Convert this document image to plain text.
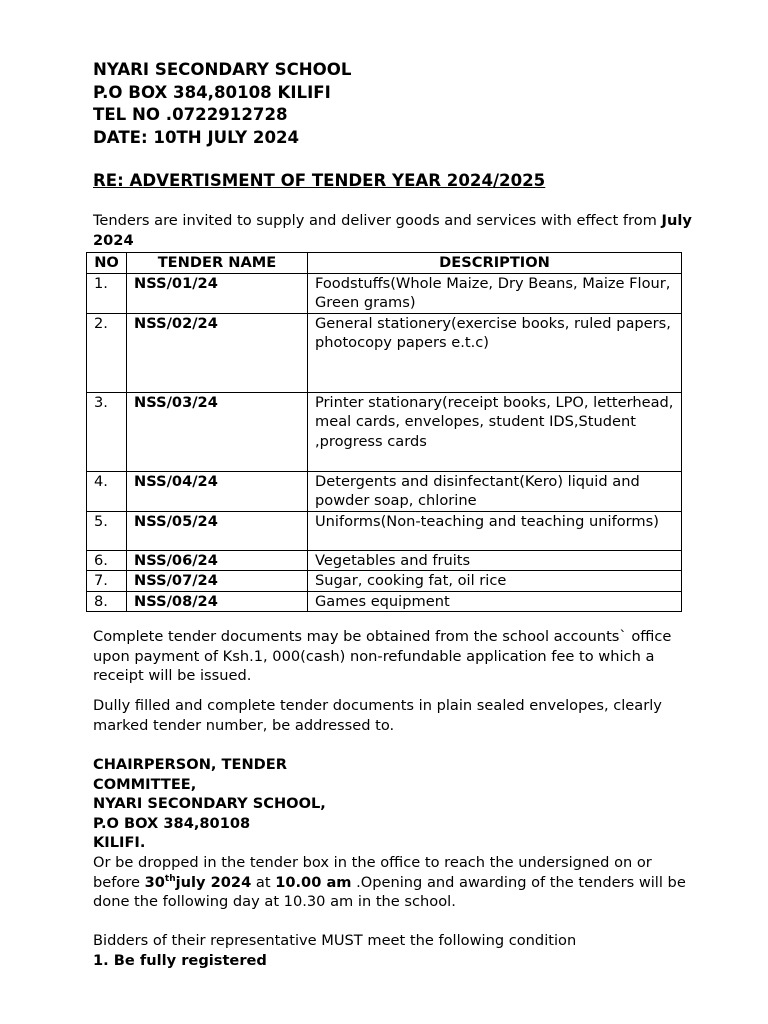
NYARI SECONDARY SCHOOL
P.O BOX 384,80108 KILIFI
TEL NO .0722912728
DATE: 10TH JULY 2024
RE: ADVERTISMENT OF TENDER YEAR 2024/2025
Tenders are invited to supply and deliver goods and services with effect from July 2024
NO	TENDER NAME	DESCRIPTION
1.	NSS/01/24	Foodstuffs(Whole Maize, Dry Beans, Maize Flour, Green grams)
2.	NSS/02/24	General stationery(exercise books, ruled papers,
photocopy papers e.t.c)
3.	NSS/03/24	Printer stationary(receipt books, LPO, letterhead, meal cards, envelopes, student IDS,Student ,progress cards
4.	NSS/04/24	Detergents and disinfectant(Kero) liquid and powder soap, chlorine
5.	NSS/05/24	Uniforms(Non-teaching and teaching uniforms)
6.	NSS/06/24	Vegetables and fruits
7.	NSS/07/24	Sugar, cooking fat, oil rice
8.	NSS/08/24	Games equipment
Complete tender documents may be obtained from the school accounts` office upon payment of Ksh.1, 000(cash) non-refundable application fee to which a receipt will be issued.
Dully filled and complete tender documents in plain sealed envelopes, clearly marked tender number, be addressed to.
CHAIRPERSON, TENDER
COMMITTEE,
NYARI SECONDARY SCHOOL,
P.O BOX 384,80108
KILIFI.
Or be dropped in the tender box in the office to reach the undersigned on or before 30thjuly 2024 at 10.00 am .Opening and awarding of the tenders will be done the following day at 10.30 am in the school.
Bidders of their representative MUST meet the following condition
1. Be fully registered
